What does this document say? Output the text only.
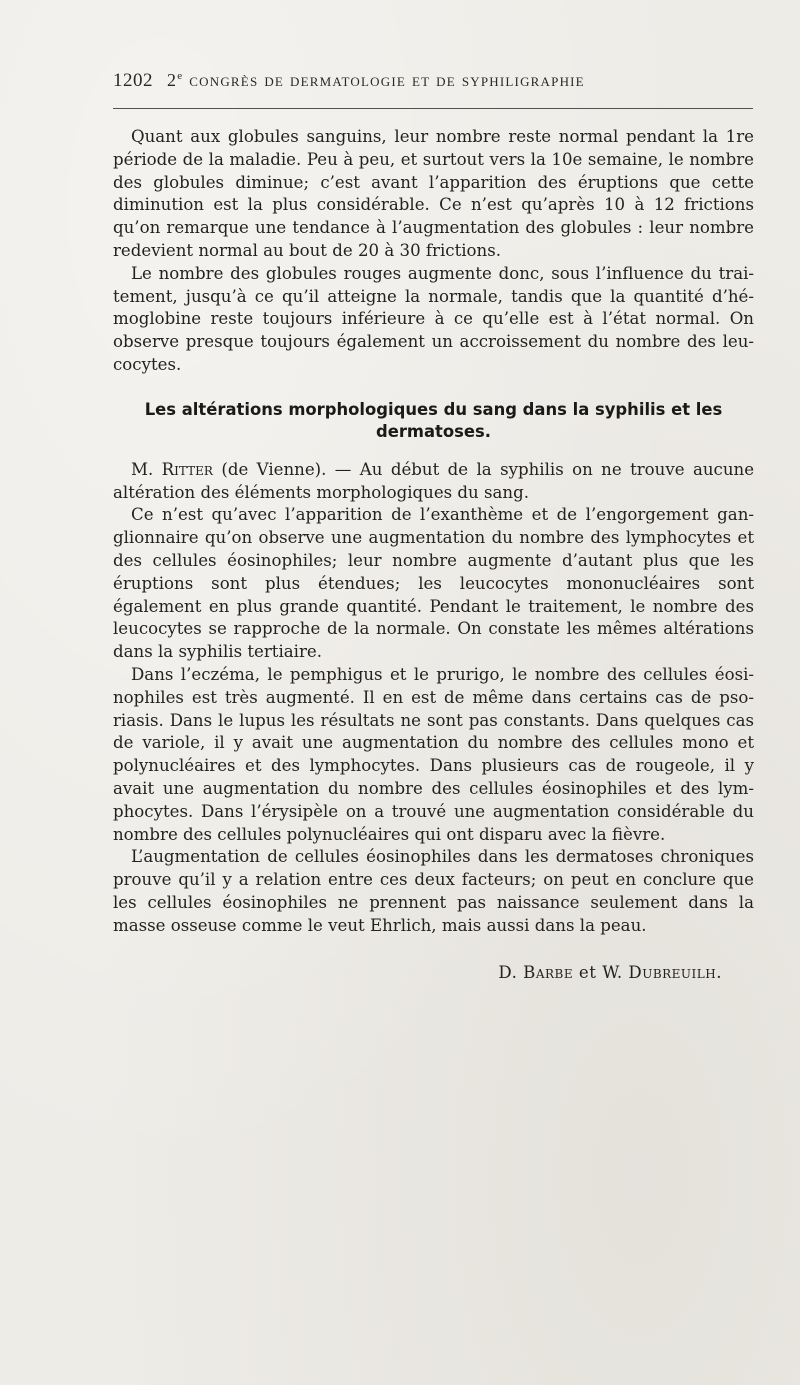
1202 2e congrès de dermatologie et de syphiligraphie

Quant aux globules sanguins, leur nombre reste normal pendant la 1re période de la maladie. Peu à peu, et surtout vers la 10e semaine, le nombre des globules diminue; c’est avant l’apparition des éruptions que cette diminution est la plus considérable. Ce n’est qu’après 10 à 12 frictions qu’on remarque une tendance à l’augmentation des globules : leur nombre redevient normal au bout de 20 à 30 frictions.

Le nombre des globules rouges augmente donc, sous l’influence du traitement, jusqu’à ce qu’il atteigne la normale, tandis que la quantité d’hémoglobine reste toujours inférieure à ce qu’elle est à l’état normal. On observe presque toujours également un accroissement du nombre des leucocytes.

Les altérations morphologiques du sang dans la syphilis et les dermatoses.

M. Ritter (de Vienne). — Au début de la syphilis on ne trouve aucune altération des éléments morphologiques du sang.

Ce n’est qu’avec l’apparition de l’exanthème et de l’engorgement ganglionnaire qu’on observe une augmentation du nombre des lymphocytes et des cellules éosinophiles; leur nombre augmente d’autant plus que les éruptions sont plus étendues; les leucocytes mononucléaires sont également en plus grande quantité. Pendant le traitement, le nombre des leucocytes se rapproche de la normale. On constate les mêmes altérations dans la syphilis tertiaire.

Dans l’eczéma, le pemphigus et le prurigo, le nombre des cellules éosinophiles est très augmenté. Il en est de même dans certains cas de psoriasis. Dans le lupus les résultats ne sont pas constants. Dans quelques cas de variole, il y avait une augmentation du nombre des cellules mono et polynucléaires et des lymphocytes. Dans plusieurs cas de rougeole, il y avait une augmentation du nombre des cellules éosinophiles et des lymphocytes. Dans l’érysipèle on a trouvé une augmentation considérable du nombre des cellules polynucléaires qui ont disparu avec la fièvre.

L’augmentation de cellules éosinophiles dans les dermatoses chroniques prouve qu’il y a relation entre ces deux facteurs; on peut en conclure que les cellules éosinophiles ne prennent pas naissance seulement dans la masse osseuse comme le veut Ehrlich, mais aussi dans la peau.

D. Barbe et W. Dubreuilh.
